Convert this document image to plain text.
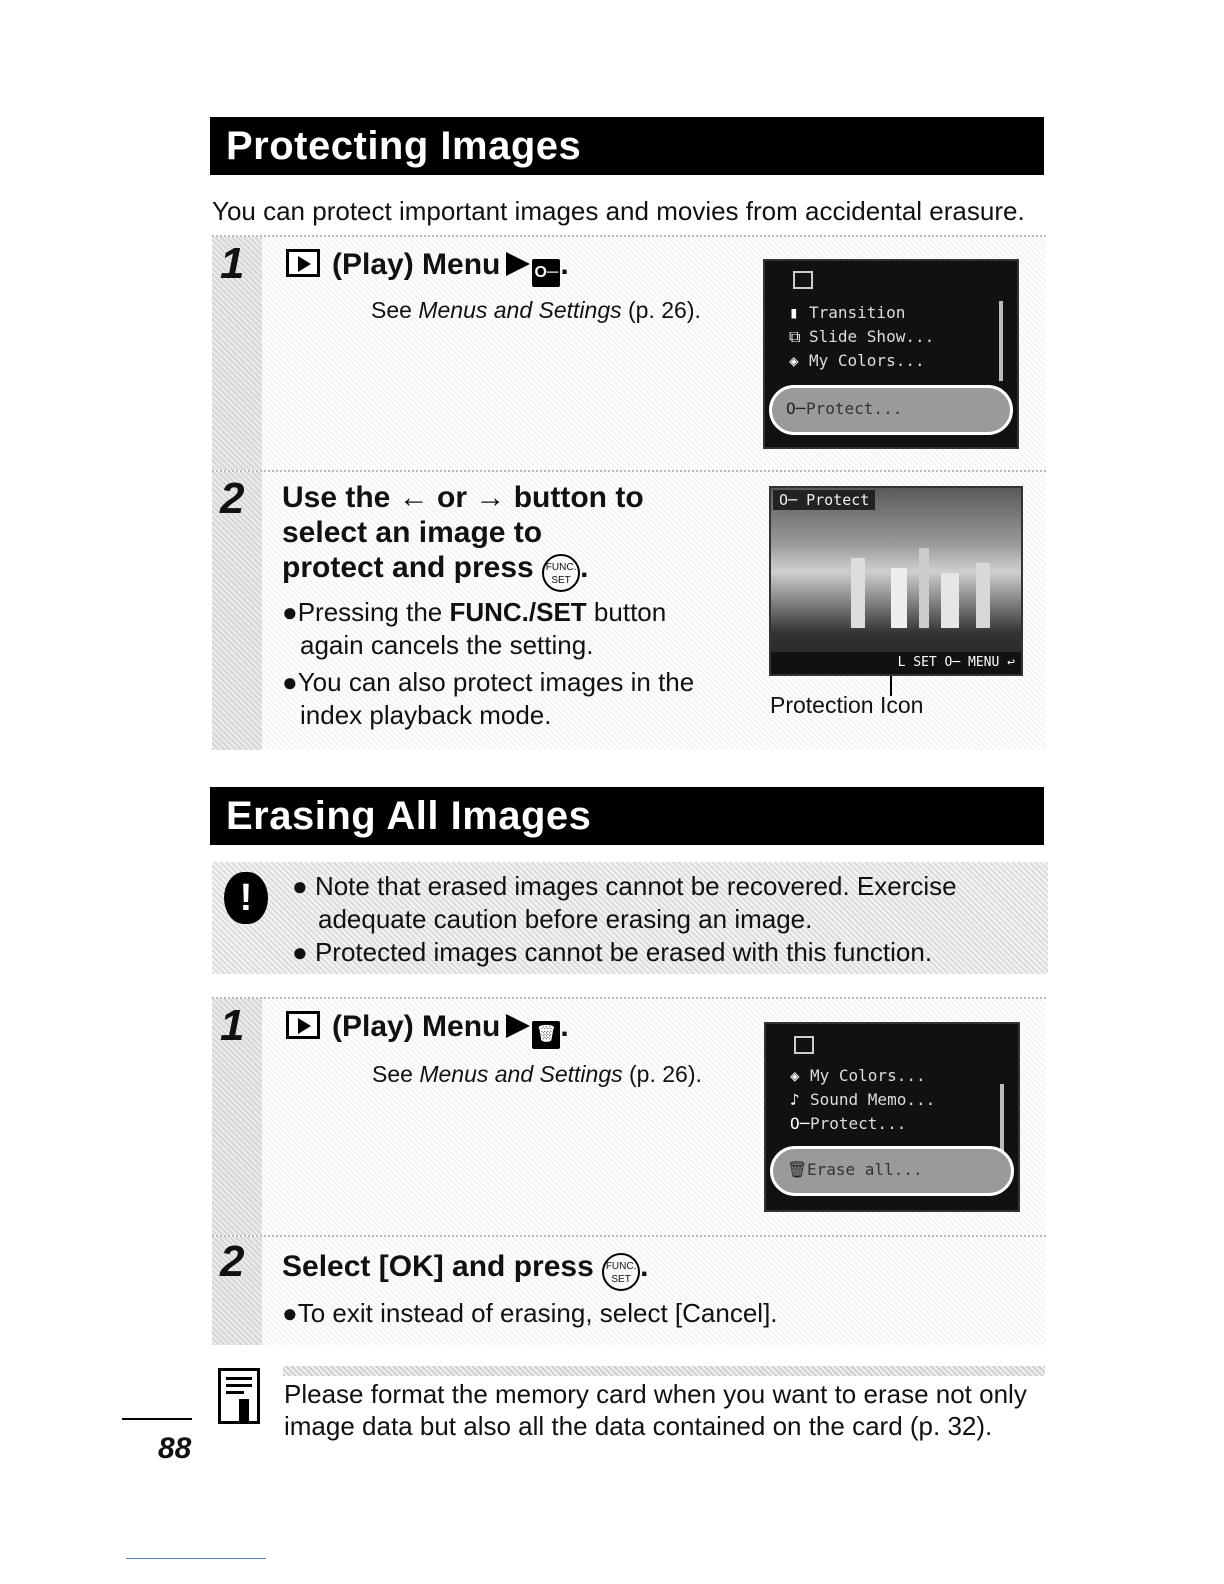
Protecting Images
You can protect important images and movies from accidental erasure.
1	(Play) Menu O─.
See Menus and Settings (p. 26).	▮ Transition
⧉ Slide Show...
◈ My Colors...
O─Protect...
2 Use the ← or → button to
select an image to
protect and press FUNC.
SET .
●Pressing the FUNC./SET button
again cancels the setting.
●You can also protect images in the
index playback mode.
O─ Protect
L SET O─ MENU ↩
Protection Icon
Erasing All Images
!	● Note that erased images cannot be recovered. Exercise
adequate caution before erasing an image.
● Protected images cannot be erased with this function.
1	(Play) Menu 🗑 .
See Menus and Settings (p. 26).	◈ My Colors...
♪ Sound Memo...
O─Protect...
🗑Erase all...
2 Select [OK] and press FUNC.
SET .
●To exit instead of erasing, select [Cancel].
Please format the memory card when you want to erase not only
image data but also all the data contained on the card (p. 32).
88
